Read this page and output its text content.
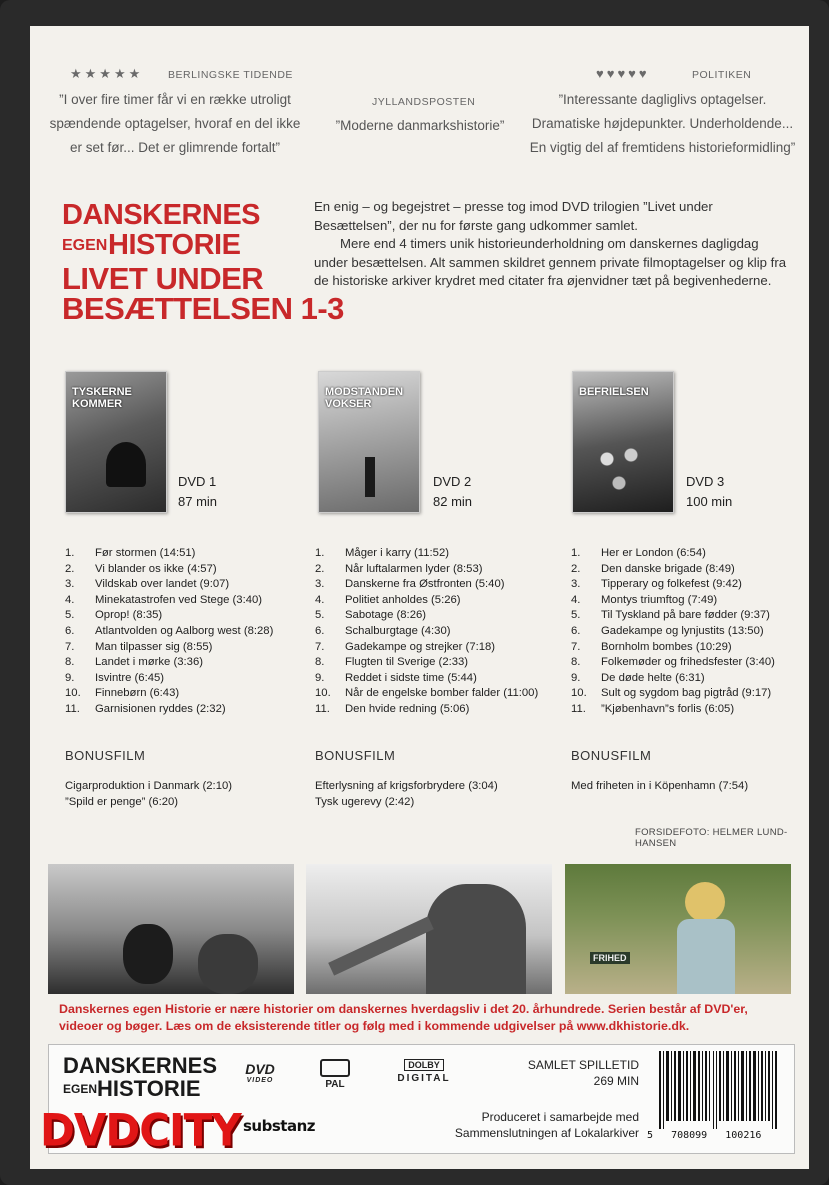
★★★★★ BERLINGSKE TIDENDE
”I over fire timer får vi en række utroligt
spændende optagelser, hvoraf en del ikke
er set før... Det er glimrende fortalt”
JYLLANDSPOSTEN
”Moderne danmarkshistorie”
♥♥♥♥♥	POLITIKEN
”Interessante dagliglivs optagelser.
Dramatiske højdepunkter. Underholdende...
En vigtig del af fremtidens historieformidling”
DANSKERNES
EGEN HISTORIE
LIVET UNDER
BESÆTTELSEN 1-3

En enig – og begejstret – presse tog imod DVD trilogien ”Livet under Besættelsen”, der nu for første gang udkommer samlet.

Mere end 4 timers unik historieunderholdning om danskernes dagligdag under besættelsen. Alt sammen skildret gennem private filmoptagelser og klip fra de historiske arkiver krydret med citater fra øjenvidner tæt på begivenhederne.

TYSKERNE KOMMER
MODSTANDEN VOKSER
BEFRIELSEN
DVD 1
87 min
DVD 2
82 min
DVD 3
100 min
1. Før stormen (14:51)
2. Vi blander os ikke (4:57)
3. Vildskab over landet (9:07)
4. Minekatastrofen ved Stege (3:40)
5. Oprop! (8:35)
6. Atlantvolden og Aalborg west (8:28)
7. Man tilpasser sig (8:55)
8. Landet i mørke (3:36)
9. Isvintre (6:45)
10. Finnebørn (6:43)
11. Garnisionen ryddes (2:32)
1. Måger i karry (11:52)
2. Når luftalarmen lyder (8:53)
3. Danskerne fra Østfronten (5:40)
4. Politiet anholdes (5:26)
5. Sabotage (8:26)
6. Schalburgtage (4:30)
7. Gadekampe og strejker (7:18)
8. Flugten til Sverige (2:33)
9. Reddet i sidste time (5:44)
10. Når de engelske bomber falder (11:00)
11. Den hvide redning (5:06)
1. Her er London (6:54)
2. Den danske brigade (8:49)
3. Tipperary og folkefest (9:42)
4. Montys triumftog (7:49)
5. Til Tyskland på bare fødder (9:37)
6. Gadekampe og lynjustits (13:50)
7. Bornholm bombes (10:29)
8. Folkemøder og frihedsfester (3:40)
9. De døde helte (6:31)
10. Sult og sygdom bag pigtråd (9:17)
11. ”Kjøbenhavn”s forlis (6:05)
BONUSFILM	BONUSFILM	BONUSFILM
Cigarproduktion i Danmark (2:10)
”Spild er penge” (6:20)
Efterlysning af krigsforbrydere (3:04)
Tysk ugerevy (2:42)
Med friheten in i Köpenhamn (7:54)
FORSIDEFOTO: HELMER LUND-HANSEN
FRIHED
Danskernes egen Historie er nære historier om danskernes hverdagsliv i det 20. århundrede. Serien består af DVD'er, videoer og bøger. Læs om de eksisterende titler og følg med i kommende udgivelser på www.dkhistorie.dk.
DANSKERNES
EGEN HISTORIE
DVD
VIDEO	PAL
DOLBY
DIGITAL
SAMLET SPILLETID
269 MIN
substanz	Produceret i samarbejde med
Sammenslutningen af Lokalarkiver 5   708099   100216
DVDCITY
